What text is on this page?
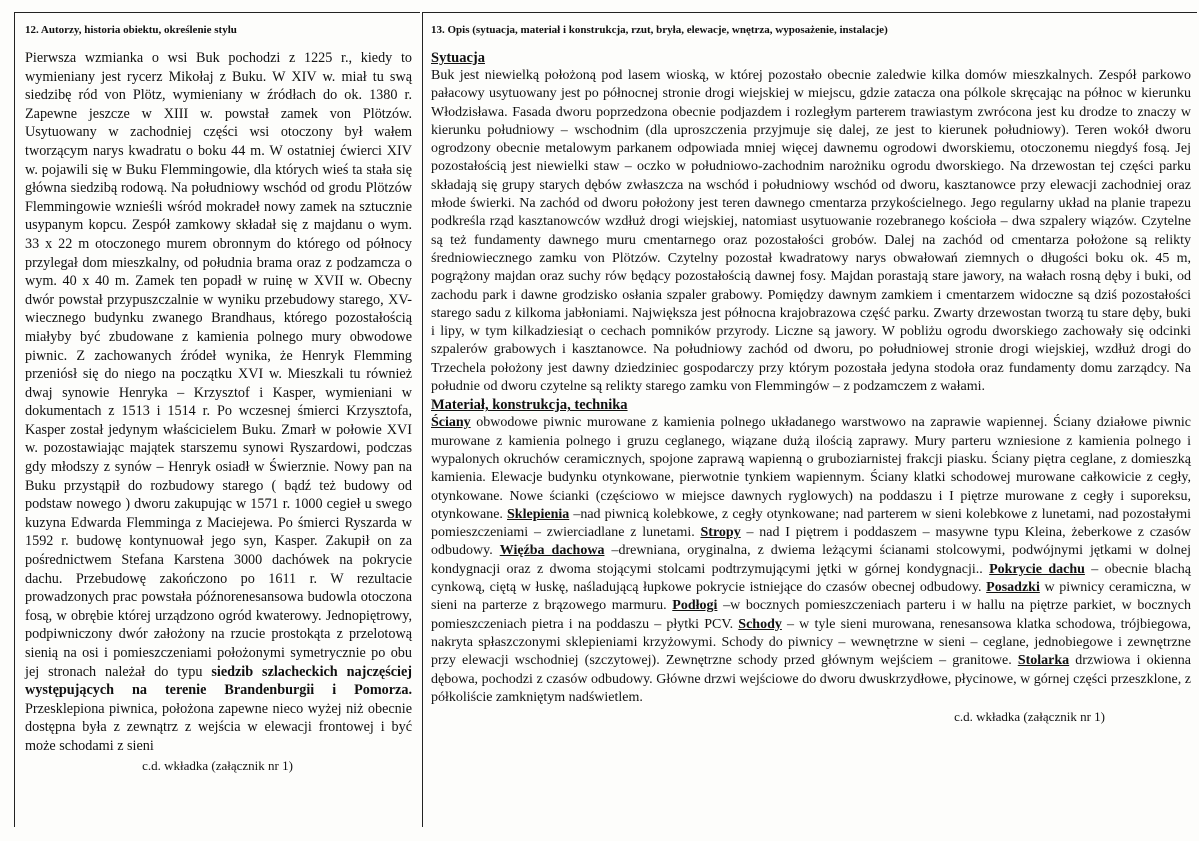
12. Autorzy, historia obiektu, określenie stylu

Pierwsza wzmianka o wsi Buk pochodzi z 1225 r., kiedy to wymieniany jest rycerz Mikołaj z Buku. W XIV w. miał tu swą siedzibę ród von Plötz, wymieniany w źródłach do ok. 1380 r. Zapewne jeszcze w XIII w. powstał zamek von Plötzów. Usytuowany w zachodniej części wsi otoczony był wałem tworzącym narys kwadratu o boku 44 m. W ostatniej ćwierci XIV w. pojawili się w Buku Flemmingowie, dla których wieś ta stała się główna siedzibą rodową. Na południowy wschód od grodu Plötzów Flemmingowie wznieśli wśród mokradeł nowy zamek na sztucznie usypanym kopcu. Zespół zamkowy składał się z majdanu o wym. 33 x 22 m otoczonego murem obronnym do którego od północy przylegał dom mieszkalny, od południa brama oraz z podzamcza o wym. 40 x 40 m. Zamek ten popadł w ruinę w XVII w. Obecny dwór powstał przypuszczalnie w wyniku przebudowy starego, XV-wiecznego budynku zwanego Brandhaus, którego pozostałością miałyby być zbudowane z kamienia polnego mury obwodowe piwnic. Z zachowanych źródeł wynika, że Henryk Flemming przeniósł się do niego na początku XVI w. Mieszkali tu również dwaj synowie Henryka – Krzysztof i Kasper, wymieniani w dokumentach z 1513 i 1514 r. Po wczesnej śmierci Krzysztofa, Kasper został jedynym właścicielem Buku. Zmarł w połowie XVI w. pozostawiając majątek starszemu synowi Ryszardowi, podczas gdy młodszy z synów – Henryk osiadł w Świerznie. Nowy pan na Buku przystąpił do rozbudowy starego ( bądź też budowy od podstaw nowego ) dworu zakupując w 1571 r. 1000 cegieł u swego kuzyna Edwarda Flemminga z Maciejewa. Po śmierci Ryszarda w 1592 r. budowę kontynuował jego syn, Kasper. Zakupił on za pośrednictwem Stefana Karstena 3000 dachówek na pokrycie dachu. Przebudowę zakończono po 1611 r. W rezultacie prowadzonych prac powstała późnorenesansowa budowla otoczona fosą, w obrębie której urządzono ogród kwaterowy. Jednopiętrowy, podpiwniczony dwór założony na rzucie prostokąta z przelotową sienią na osi i pomieszczeniami położonymi symetrycznie po obu jej stronach należał do typu siedzib szlacheckich najczęściej występujących na terenie Brandenburgii i Pomorza. Przesklepiona piwnica, położona zapewne nieco wyżej niż obecnie dostępna była z zewnątrz z wejścia w elewacji frontowej i być może schodami z sieni

c.d. wkładka (załącznik nr 1)
13. Opis (sytuacja, materiał i konstrukcja, rzut, bryła, elewacje, wnętrza, wyposażenie, instalacje)
Sytuacja

Buk jest niewielką położoną pod lasem wioską, w której pozostało obecnie zaledwie kilka domów mieszkalnych. Zespół parkowo pałacowy usytuowany jest po północnej stronie drogi wiejskiej w miejscu, gdzie zatacza ona pólkole skręcając na północ w kierunku Włodzisława. Fasada dworu poprzedzona obecnie podjazdem i rozległym parterem trawiastym zwrócona jest ku drodze to znaczy w kierunku południowy – wschodnim (dla uproszczenia przyjmuje się dalej, ze jest to kierunek południowy). Teren wokół dworu ogrodzony obecnie metalowym parkanem odpowiada mniej więcej dawnemu ogrodowi dworskiemu, otoczonemu niegdyś fosą. Jej pozostałością jest niewielki staw – oczko w południowo-zachodnim narożniku ogrodu dworskiego. Na drzewostan tej części parku składają się grupy starych dębów zwłaszcza na wschód i południowy wschód od dworu, kasztanowce przy elewacji zachodniej oraz młode świerki. Na zachód od dworu położony jest teren dawnego cmentarza przykościelnego. Jego regularny układ na planie trapezu podkreśla rząd kasztanowców wzdłuż drogi wiejskiej, natomiast usytuowanie rozebranego kościoła – dwa szpalery wiązów. Czytelne są też fundamenty dawnego muru cmentarnego oraz pozostałości grobów. Dalej na zachód od cmentarza położone są relikty średniowiecznego zamku von Plötzów. Czytelny pozostał kwadratowy narys obwałowań ziemnych o długości boku ok. 45 m, pogrążony majdan oraz suchy rów będący pozostałością dawnej fosy. Majdan porastają stare jawory, na wałach rosną dęby i buki, od zachodu park i dawne grodzisko osłania szpaler grabowy. Pomiędzy dawnym zamkiem i cmentarzem widoczne są dziś pozostałości starego sadu z kilkoma jabłoniami. Największa jest północna krajobrazowa część parku. Zwarty drzewostan tworzą tu stare dęby, buki i lipy, w tym kilkadziesiąt o cechach pomników przyrody. Liczne są jawory. W pobliżu ogrodu dworskiego zachowały się odcinki szpalerów grabowych i kasztanowce. Na południowy zachód od dworu, po południowej stronie drogi wiejskiej, wzdłuż drogi do Trzechela położony jest dawny dziedziniec gospodarczy przy którym pozostała jedyna stodoła oraz fundamenty domu zarządcy. Na południe od dworu czytelne są relikty starego zamku von Flemmingów – z podzamczem z wałami.

Materiał, konstrukcja, technika

Ściany obwodowe piwnic murowane z kamienia polnego układanego warstwowo na zaprawie wapiennej. Ściany działowe piwnic murowane z kamienia polnego i gruzu ceglanego, wiązane dużą ilością zaprawy. Mury parteru wzniesione z kamienia polnego i wypalonych okruchów ceramicznych, spojone zaprawą wapienną o gruboziarnistej frakcji piasku. Ściany piętra ceglane, z domieszką kamienia. Elewacje budynku otynkowane, pierwotnie tynkiem wapiennym. Ściany klatki schodowej murowane całkowicie z cegły, otynkowane. Nowe ścianki (częściowo w miejsce dawnych ryglowych) na poddaszu i I piętrze murowane z cegły i suporeksu, otynkowane. Sklepienia –nad piwnicą kolebkowe, z cegły otynkowane; nad parterem w sieni kolebkowe z lunetami, nad pozostałymi pomieszczeniami – zwierciadlane z lunetami. Stropy – nad I piętrem i poddaszem – masywne typu Kleina, żeberkowe z czasów odbudowy. Więźba dachowa –drewniana, oryginalna, z dwiema leżącymi ścianami stolcowymi, podwójnymi jętkami w dolnej kondygnacji oraz z dwoma stojącymi stolcami podtrzymującymi jętki w górnej kondygnacji.. Pokrycie dachu – obecnie blachą cynkową, ciętą w łuskę, naśladującą łupkowe pokrycie istniejące do czasów obecnej odbudowy. Posadzki w piwnicy ceramiczna, w sieni na parterze z brązowego marmuru. Podłogi –w bocznych pomieszczeniach parteru i w hallu na piętrze parkiet, w bocznych pomieszczeniach pietra i na poddaszu – płytki PCV. Schody – w tyle sieni murowana, renesansowa klatka schodowa, trójbiegowa, nakryta spłaszczonymi sklepieniami krzyżowymi. Schody do piwnicy – wewnętrzne w sieni – ceglane, jednobiegowe i zewnętrzne przy elewacji wschodniej (szczytowej). Zewnętrzne schody przed głównym wejściem – granitowe. Stolarka drzwiowa i okienna dębowa, pochodzi z czasów odbudowy. Główne drzwi wejściowe do dworu dwuskrzydłowe, płycinowe, w górnej części przeszklone, z półkoliście zamkniętym nadświetlem.

c.d. wkładka (załącznik nr 1)
